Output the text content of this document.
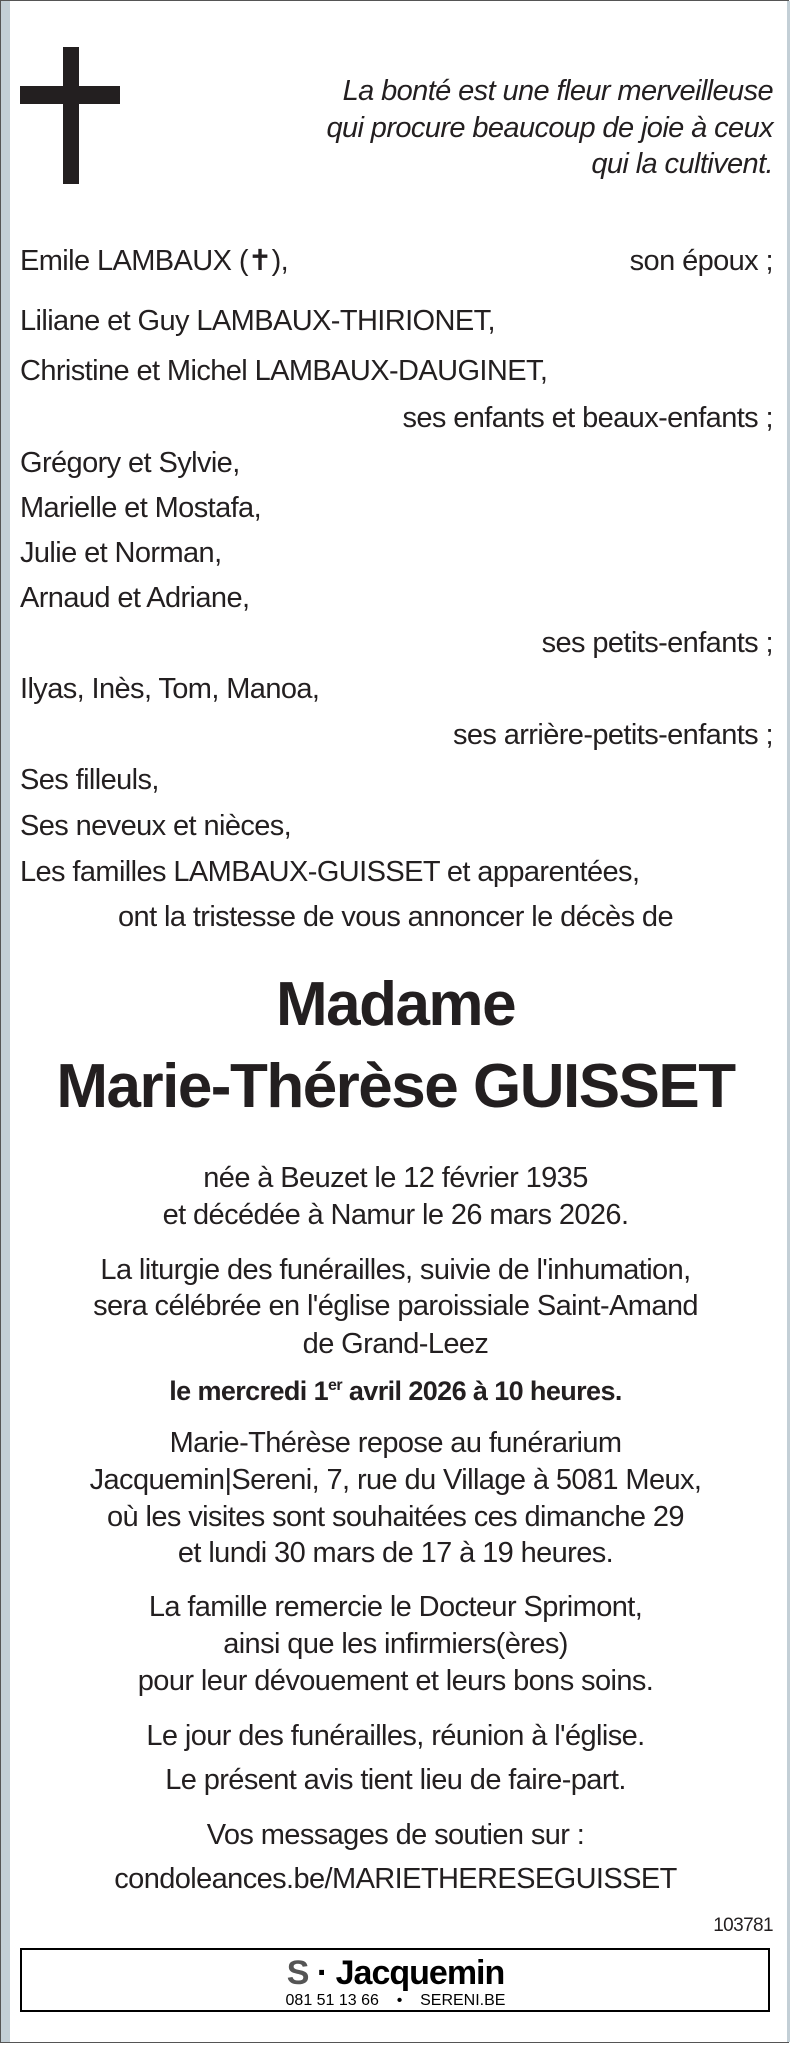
La bonté est une fleur merveilleuse
qui procure beaucoup de joie à ceux
qui la cultivent.
Emile LAMBAUX (✝),	son époux ;
Liliane et Guy LAMBAUX-THIRIONET,
Christine et Michel LAMBAUX-DAUGINET,
ses enfants et beaux-enfants ;
Grégory et Sylvie,
Marielle et Mostafa,
Julie et Norman,
Arnaud et Adriane,
ses petits-enfants ;
Ilyas, Inès, Tom, Manoa,
ses arrière-petits-enfants ;
Ses filleuls,
Ses neveux et nièces,
Les familles LAMBAUX-GUISSET et apparentées,
ont la tristesse de vous annoncer le décès de
Madame
Marie-Thérèse GUISSET
née à Beuzet le 12 février 1935
et décédée à Namur le 26 mars 2026.
La liturgie des funérailles, suivie de l'inhumation,
sera célébrée en l'église paroissiale Saint-Amand
de Grand-Leez
le mercredi 1er avril 2026 à 10 heures.
Marie-Thérèse repose au funérarium
Jacquemin|Sereni, 7, rue du Village à 5081 Meux,
où les visites sont souhaitées ces dimanche 29
et lundi 30 mars de 17 à 19 heures.
La famille remercie le Docteur Sprimont,
ainsi que les infirmiers(ères)
pour leur dévouement et leurs bons soins.
Le jour des funérailles, réunion à l'église.
Le présent avis tient lieu de faire-part.
Vos messages de soutien sur :
condoleances.be/MARIETHERESEGUISSET
103781
S · Jacquemin
081 51 13 66 • SERENI.BE
